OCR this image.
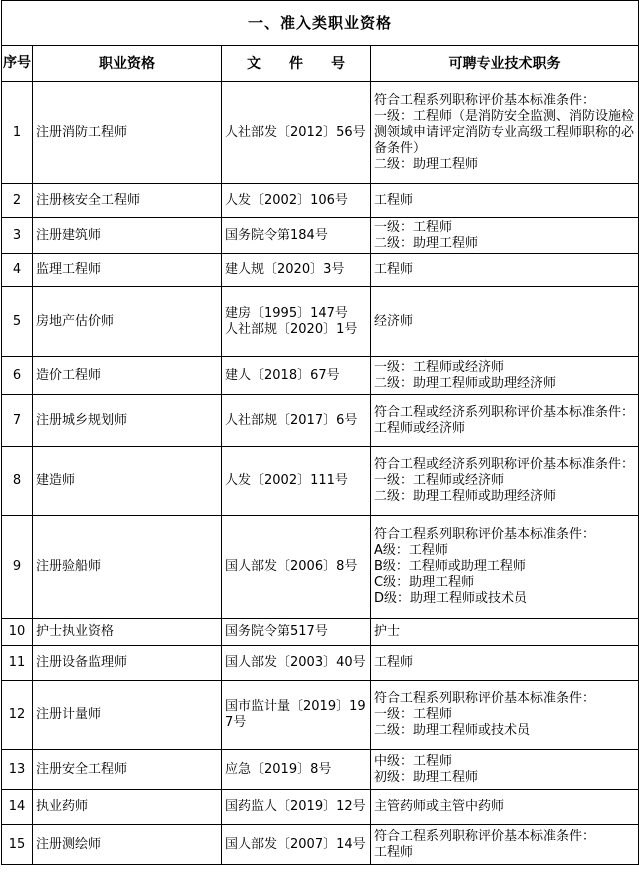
一、准入类职业资格			
序号	职业资格	文　　件　　号	可聘专业技术职务
1	注册消防工程师	人社部发〔2012〕56号	符合工程系列职称评价基本标准条件：
一级：工程师（是消防安全监测、消防设施检测领域申请评定消防专业高级工程师职称的必备条件）
二级：助理工程师

2	注册核安全工程师	人发〔2002〕106号	工程师

3	注册建筑师	国务院令第184号	一级：工程师
二级：助理工程师

4	监理工程师	建人规〔2020〕3号	工程师

5	房地产估价师	建房〔1995〕147号　人社部规〔2020〕1号	经济师

6	造价工程师	建人〔2018〕67号	一级：工程师或经济师
二级：助理工程师或助理经济师

7	注册城乡规划师	人社部规〔2017〕6号	符合工程或经济系列职称评价基本标准条件：
工程师或经济师

8	建造师	人发〔2002〕111号	符合工程或经济系列职称评价基本标准条件：
一级：工程师或经济师
二级：助理工程师或助理经济师

9	注册验船师	国人部发〔2006〕8号	符合工程系列职称评价基本标准条件：
A级：工程师
B级：工程师或助理工程师
C级：助理工程师
D级：助理工程师或技术员

10	护士执业资格	国务院令第517号	护士

11	注册设备监理师	国人部发〔2003〕40号	工程师

12	注册计量师	国市监计量〔2019〕197号	符合工程系列职称评价基本标准条件：
一级：工程师
二级：助理工程师或技术员

13	注册安全工程师	应急〔2019〕8号	中级：工程师
初级：助理工程师

14	执业药师	国药监人〔2019〕12号	主管药师或主管中药师

15	注册测绘师	国人部发〔2007〕14号	符合工程系列职称评价基本标准条件：
工程师
